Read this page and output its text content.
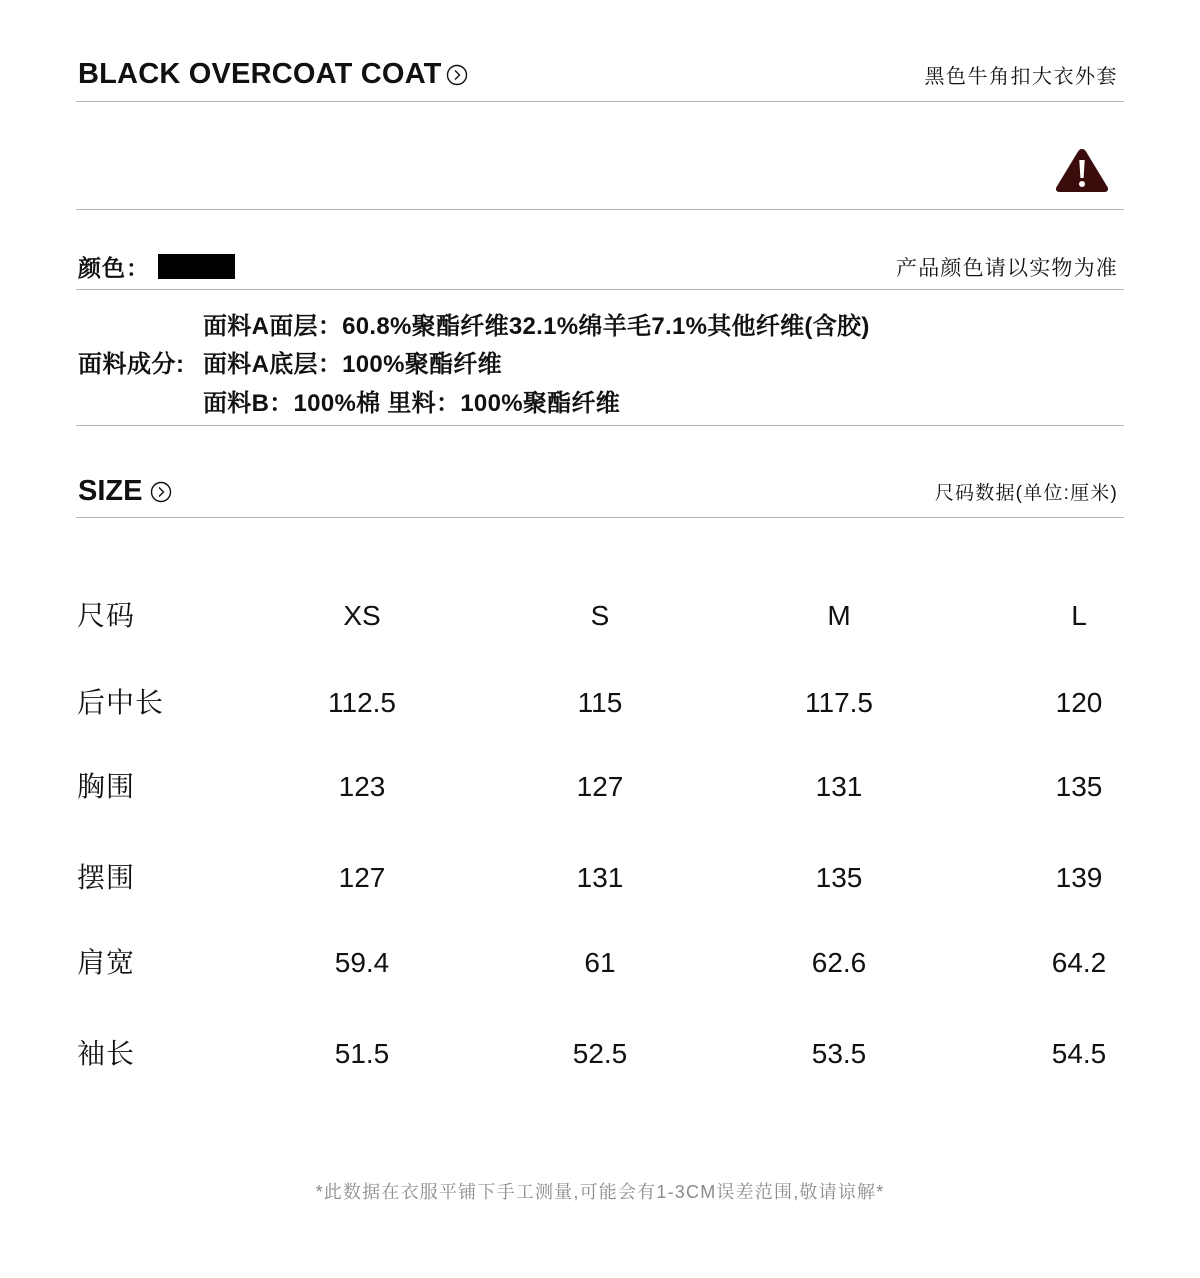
BLACK OVERCOAT COAT	黑色牛角扣大衣外套
颜色：	产品颜色请以实物为准
面料成分:
面料A面层：60.8%聚酯纤维32.1%绵羊毛7.1%其他纤维(含胶)
面料A底层：100%聚酯纤维
面料B：100%棉 里料：100%聚酯纤维
SIZE	尺码数据(单位:厘米)
尺码	XS	S	M	L
后中长	112.5	115	117.5	120
胸围	123	127	131	135
摆围	127	131	135	139
肩宽	59.4	61	62.6	64.2
袖长	51.5	52.5	53.5	54.5
*此数据在衣服平铺下手工测量,可能会有1-3CM误差范围,敬请谅解*
